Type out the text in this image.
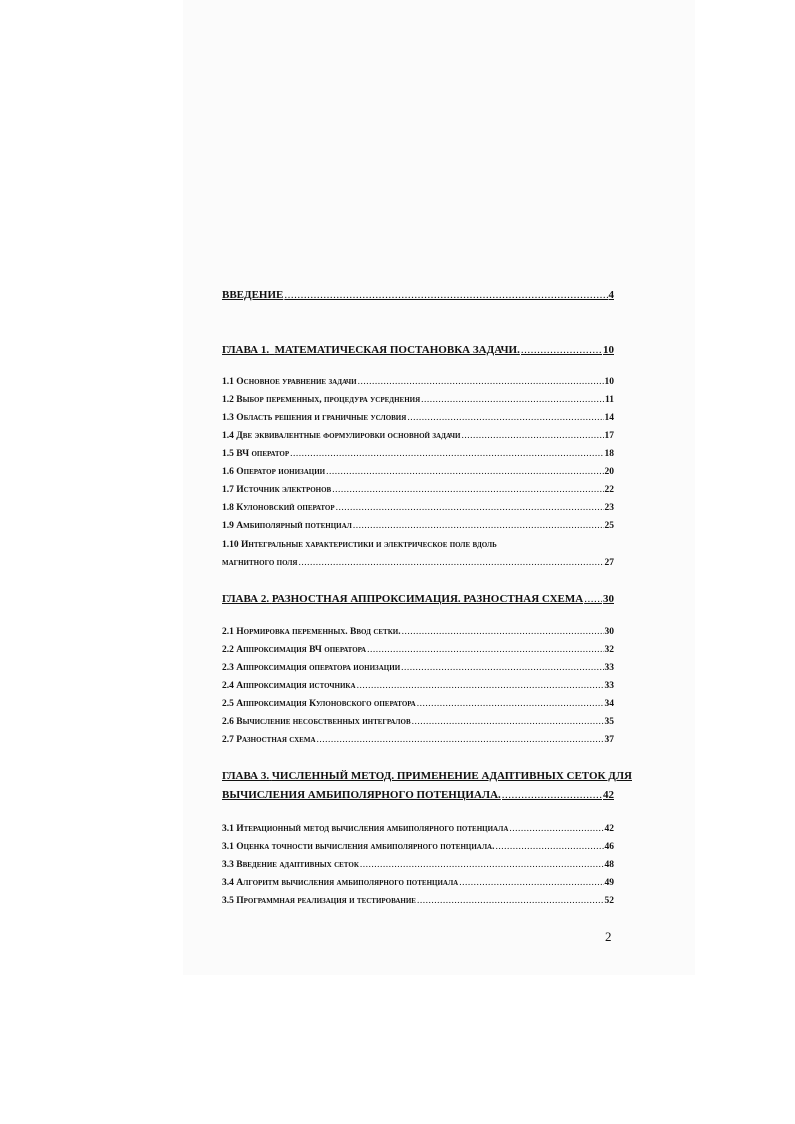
ВВЕДЕНИЕ .....	4
ГЛАВА 1. МАТЕМАТИЧЕСКАЯ ПОСТАНОВКА ЗАДАЧИ. .....	10
1.1 Основное уравнение задачи .....	10
1.2 Выбор переменных, процедура усреднения .....	11
1.3 Область решения и граничные условия .....	14
1.4 Две эквивалентные формулировки основной задачи .....	17
1.5 ВЧ оператор .....	18
1.6 Оператор ионизации .....	20
1.7 Источник электронов .....	22
1.8 Кулоновский оператор .....	23
1.9 Амбиполярный потенциал .....	25
1.10 Интегральные характеристики и электрическое поле вдоль
магнитного поля .....	27
ГЛАВА 2. РАЗНОСТНАЯ АППРОКСИМАЦИЯ. РАЗНОСТНАЯ СХЕМА ..... 30
2.1 Нормировка переменных. Ввод сетки. .....	30
2.2 Аппроксимация ВЧ оператора .....	32
2.3 Аппроксимация оператора ионизации .....	33
2.4 Аппроксимация источника .....	33
2.5 Аппроксимация Кулоновского оператора .....	34
2.6 Вычисление несобственных интегралов .....	35
2.7 Разностная схема .....	37
ГЛАВА 3. ЧИСЛЕННЫЙ МЕТОД. ПРИМЕНЕНИЕ АДАПТИВНЫХ СЕТОК ДЛЯ
ВЫЧИСЛЕНИЯ АМБИПОЛЯРНОГО ПОТЕНЦИАЛА. .....	42
3.1 Итерационный метод вычисления амбиполярного потенциала .....	42
3.1 Оценка точности вычисления амбиполярного потенциала. .....	46
3.3 Введение адаптивных сеток .....	48
3.4 Алгоритм вычисления амбиполярного потенциала .....	49
3.5 Программная реализация и тестирование .....	52
2
